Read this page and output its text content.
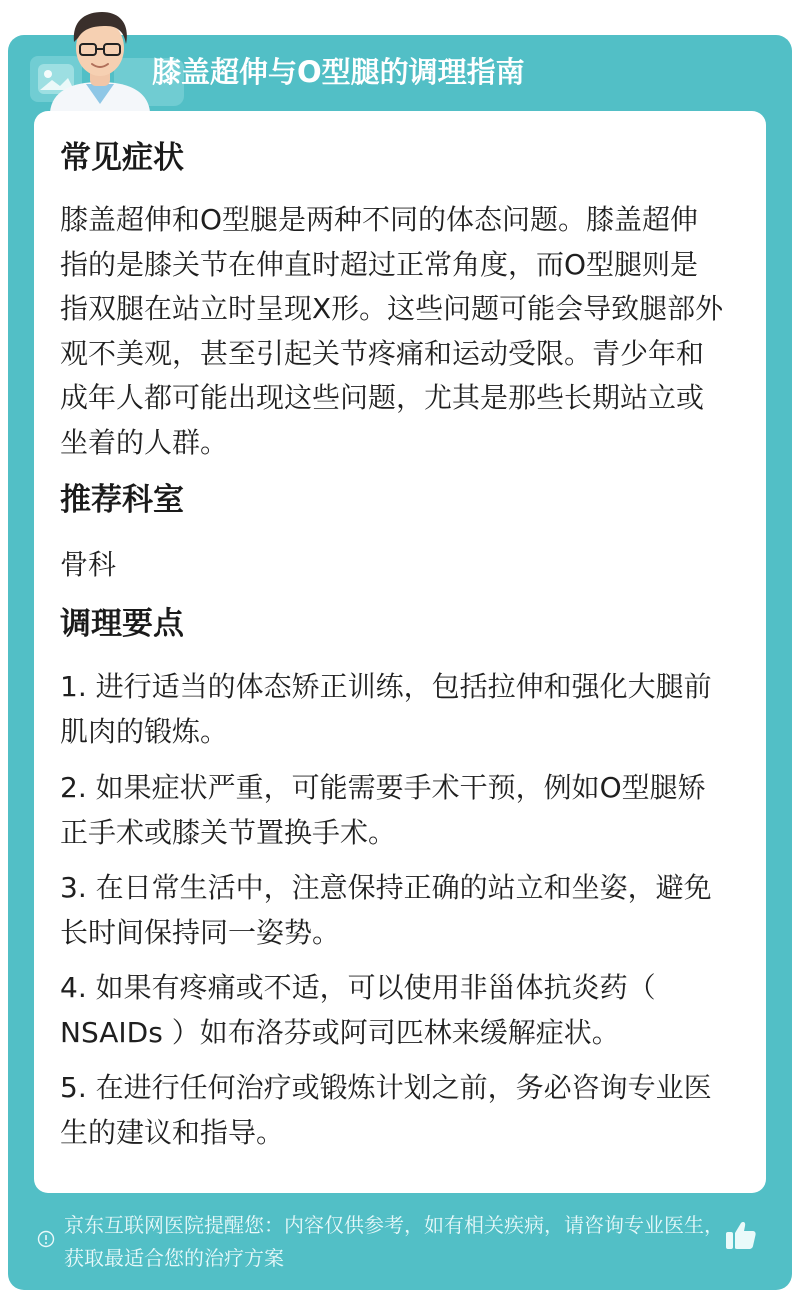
膝盖超伸与O型腿的调理指南
常见症状
膝盖超伸和O型腿是两种不同的体态问题。膝盖超伸指的是膝关节在伸直时超过正常角度，而O型腿则是指双腿在站立时呈现X形。这些问题可能会导致腿部外观不美观，甚至引起关节疼痛和运动受限。青少年和成年人都可能出现这些问题，尤其是那些长期站立或坐着的人群。
推荐科室
骨科
调理要点
1. 进行适当的体态矫正训练，包括拉伸和强化大腿前肌肉的锻炼。
2. 如果症状严重，可能需要手术干预，例如O型腿矫正手术或膝关节置换手术。
3. 在日常生活中，注意保持正确的站立和坐姿，避免长时间保持同一姿势。
4. 如果有疼痛或不适，可以使用非甾体抗炎药（ NSAIDs ）如布洛芬或阿司匹林来缓解症状。
5. 在进行任何治疗或锻炼计划之前，务必咨询专业医生的建议和指导。
京东互联网医院提醒您：内容仅供参考，如有相关疾病，请咨询专业医生，获取最适合您的治疗方案
